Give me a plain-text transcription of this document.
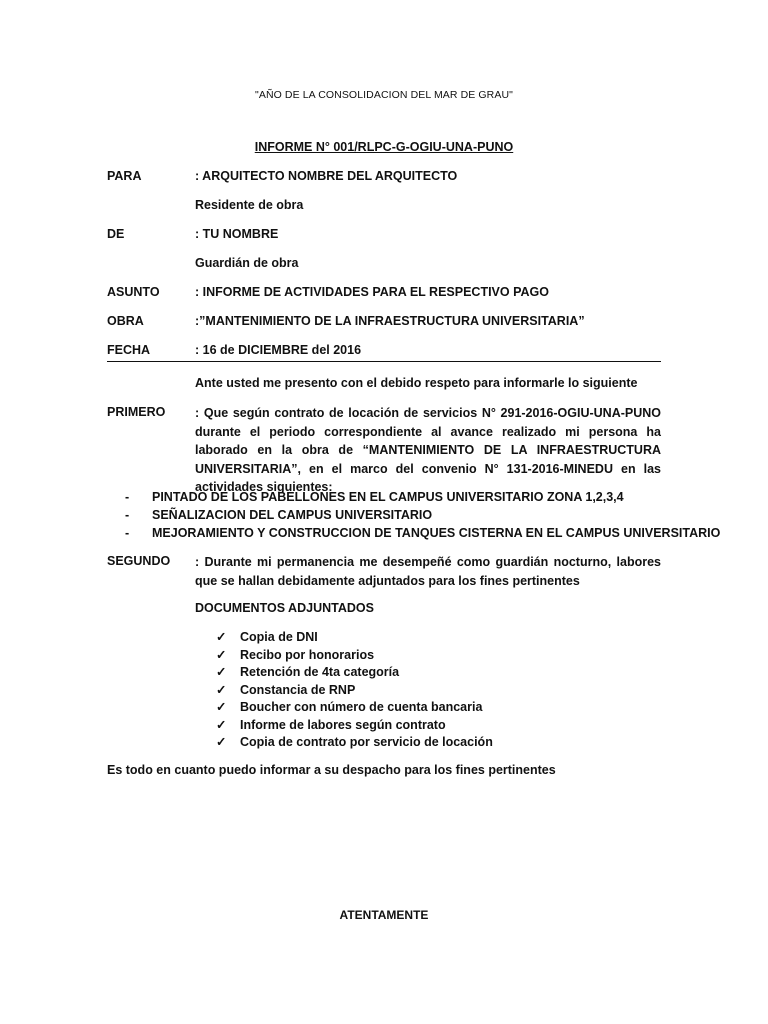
"AÑO DE LA CONSOLIDACION DEL MAR DE GRAU"
INFORME N° 001/RLPC-G-OGIU-UNA-PUNO
PARA	: ARQUITECTO NOMBRE DEL ARQUITECTO
Residente de obra
DE	: TU NOMBRE
Guardián de obra
ASUNTO	: INFORME DE ACTIVIDADES PARA EL RESPECTIVO PAGO
OBRA	:”MANTENIMIENTO DE LA INFRAESTRUCTURA UNIVERSITARIA”
FECHA	: 16 de DICIEMBRE del 2016
Ante usted me presento con el debido respeto para informarle lo siguiente
PRIMERO : Que según contrato de locación de servicios N° 291-2016-OGIU-UNA-PUNO durante el periodo correspondiente al avance realizado mi persona ha laborado en la obra de “MANTENIMIENTO DE LA INFRAESTRUCTURA UNIVERSITARIA”, en el marco del convenio N° 131-2016-MINEDU en las actividades siguientes:
- PINTADO DE LOS PABELLONES EN EL CAMPUS UNIVERSITARIO ZONA 1,2,3,4
- SEÑALIZACION DEL CAMPUS UNIVERSITARIO
- MEJORAMIENTO Y CONSTRUCCION DE TANQUES CISTERNA EN EL CAMPUS UNIVERSITARIO
SEGUNDO : Durante mi permanencia me desempeñé como guardián nocturno, labores que se hallan debidamente adjuntados para los fines pertinentes
DOCUMENTOS ADJUNTADOS
✓ Copia de DNI
✓ Recibo por honorarios
✓ Retención de 4ta categoría
✓ Constancia de RNP
✓ Boucher con número de cuenta bancaria
✓ Informe de labores según contrato
✓ Copia de contrato por servicio de locación
Es todo en cuanto puedo informar a su despacho para los fines pertinentes
ATENTAMENTE
